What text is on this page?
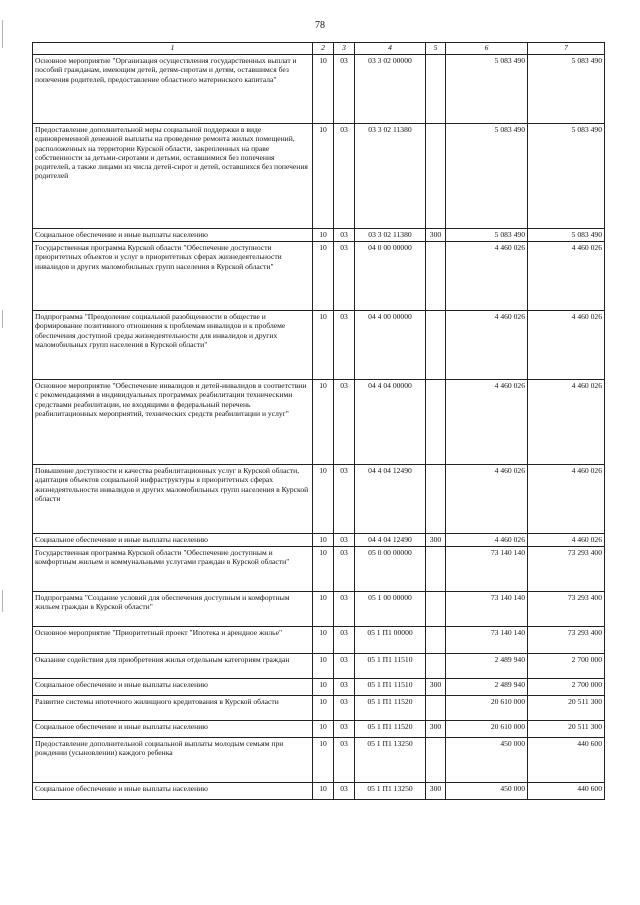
78
1	2	3	4	5	6	7
Основное мероприятие "Организация осуществления государственных выплат и пособий гражданам, имеющим детей, детям-сиротам и детям, оставшимся без попечения родителей, предоставление областного материнского капитала"	10	03	03 3 02 00000		5 083 490	5 083 490
Предоставление дополнительной меры социальной поддержки в виде единовременной денежной выплаты на проведение ремонта жилых помещений, расположенных на территории Курской области, закрепленных на праве собственности за детьми-сиротами и детьми, оставшимися без попечения родителей, а также лицами из числа детей-сирот и детей, оставшихся без попечения родителей	10	03	03 3 02 11380		5 083 490	5 083 490
Социальное обеспечение и иные выплаты населению	10	03	03 3 02 11380	300	5 083 490	5 083 490
Государственная программа Курской области "Обеспечение доступности приоритетных объектов и услуг в приоритетных сферах жизнедеятельности инвалидов и других маломобильных групп населения в Курской области"	10	03	04 0 00 00000		4 460 026	4 460 026
Подпрограмма "Преодоление социальной разобщенности в обществе и формирование позитивного отношения к проблемам инвалидов и к проблеме обеспечения доступной среды жизнедеятельности для инвалидов и других маломобильных групп населения в Курской области"	10	03	04 4 00 00000		4 460 026	4 460 026
Основное мероприятие "Обеспечение инвалидов и детей-инвалидов в соответствии с рекомендациями в индивидуальных программах реабилитации техническими средствами реабилитации, не входящими в федеральный перечень реабилитационных мероприятий, технических средств реабилитации и услуг"	10	03	04 4 04 00000		4 460 026	4 460 026
Повышение доступности и качества реабилитационных услуг в Курской области, адаптация объектов социальной инфраструктуры в приоритетных сферах жизнедеятельности инвалидов и других маломобильных групп населения в Курской области	10	03	04 4 04 12490		4 460 026	4 460 026
Социальное обеспечение и иные выплаты населению	10	03	04 4 04 12490	300	4 460 026	4 460 026
Государственная программа Курской области "Обеспечение доступным и комфортным жильем и коммунальными услугами граждан в Курской области"	10	03	05 0 00 00000		73 140 140	73 293 400
Подпрограмма "Создание условий для обеспечения доступным и комфортным жильем граждан в Курской области"	10	03	05 1 00 00000		73 140 140	73 293 400
Основное мероприятие "Приоритетный проект "Ипотека и арендное жилье"	10	03	05 1 П1 00000		73 140 140	73 293 400
Оказание содействия для приобретения жилья отдельным категориям граждан	10	03	05 1 П1 11510		2 489 940	2 700 000
Социальное обеспечение и иные выплаты населению	10	03	05 1 П1 11510	300	2 489 940	2 700 000
Развитие системы ипотечного жилищного кредитования в Курской области	10	03	05 1 П1 11520		20 610 000	20 511 300
Социальное обеспечение и иные выплаты населению	10	03	05 1 П1 11520	300	20 610 000	20 511 300
Предоставление дополнительной социальной выплаты молодым семьям при рождении (усыновлении) каждого ребенка	10	03	05 1 П1 13250		450 000	440 600
Социальное обеспечение и иные выплаты населению	10	03	05 1 П1 13250	300	450 000	440 600
